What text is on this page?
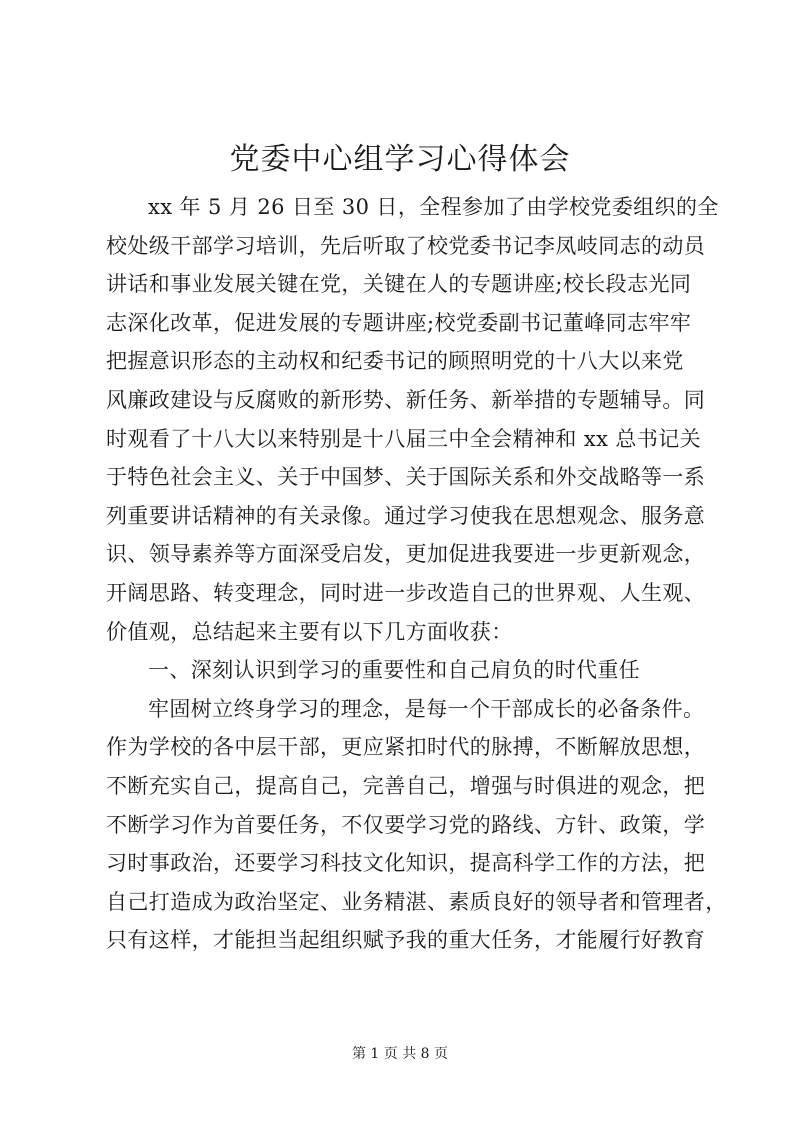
党委中心组学习心得体会
xx 年 5 月 26 日至 30 日，全程参加了由学校党委组织的全
校处级干部学习培训，先后听取了校党委书记李凤岐同志的动员
讲话和事业发展关键在党，关键在人的专题讲座;校长段志光同
志深化改革，促进发展的专题讲座;校党委副书记董峰同志牢牢
把握意识形态的主动权和纪委书记的顾照明党的十八大以来党
风廉政建设与反腐败的新形势、新任务、新举措的专题辅导。同
时观看了十八大以来特别是十八届三中全会精神和 xx 总书记关
于特色社会主义、关于中国梦、关于国际关系和外交战略等一系
列重要讲话精神的有关录像。通过学习使我在思想观念、服务意
识、领导素养等方面深受启发，更加促进我要进一步更新观念，
开阔思路、转变理念，同时进一步改造自己的世界观、人生观、
价值观，总结起来主要有以下几方面收获：
一、深刻认识到学习的重要性和自己肩负的时代重任
牢固树立终身学习的理念，是每一个干部成长的必备条件。
作为学校的各中层干部，更应紧扣时代的脉搏，不断解放思想，
不断充实自己，提高自己，完善自己，增强与时俱进的观念，把
不断学习作为首要任务，不仅要学习党的路线、方针、政策，学
习时事政治，还要学习科技文化知识，提高科学工作的方法，把
自己打造成为政治坚定、业务精湛、素质良好的领导者和管理者，
只有这样，才能担当起组织赋予我的重大任务，才能履行好教育
第 1 页 共 8 页
